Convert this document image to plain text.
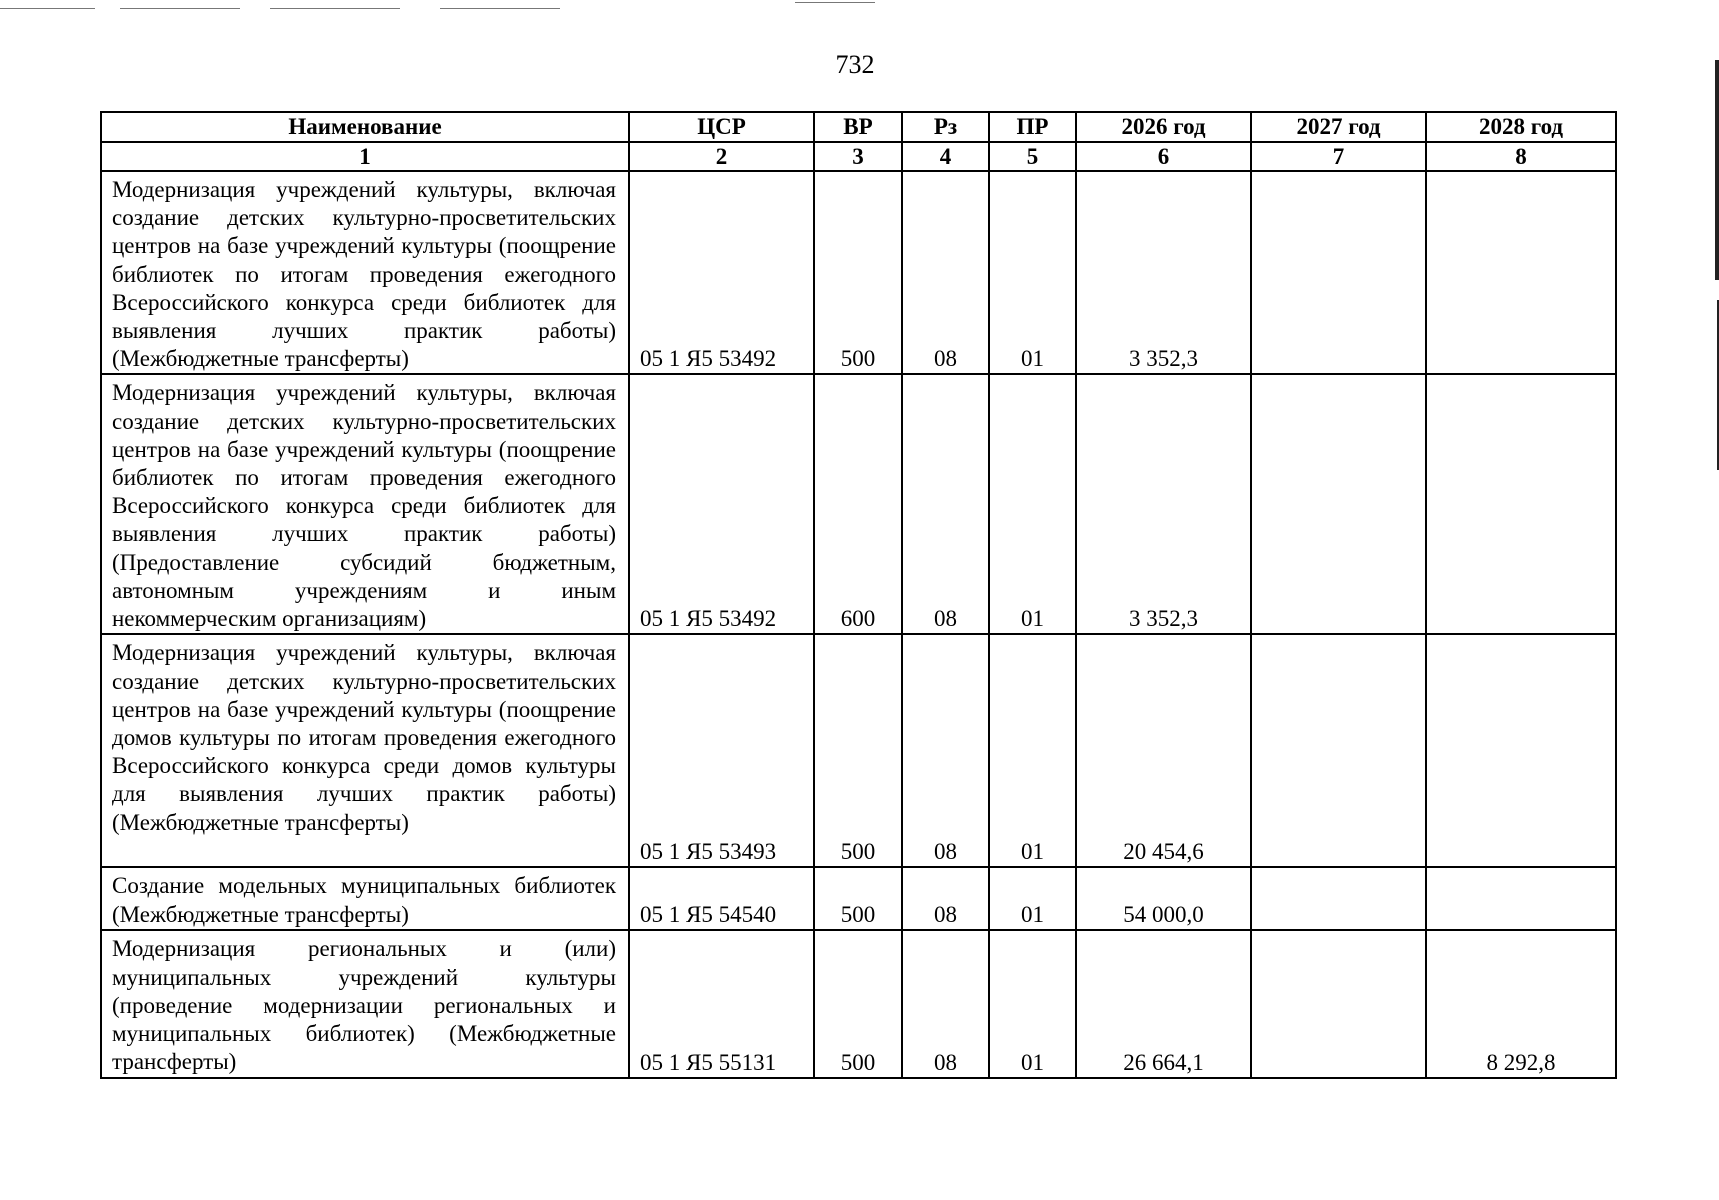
732
Наименование	ЦСР	ВР	Рз	ПР	2026 год	2027 год	2028 год
1	2	3	4	5	6	7	8
Модернизация учреждений культуры, включая создание детских культурно-просветительских центров на базе учреждений культуры (поощрение библиотек по итогам проведения ежегодного Всероссийского конкурса среди библиотек для выявления лучших практик работы) (Межбюджетные трансферты)	05 1 Я5 53492	500	08	01	3 352,3		
Модернизация учреждений культуры, включая создание детских культурно-просветительских центров на базе учреждений культуры (поощрение библиотек по итогам проведения ежегодного Всероссийского конкурса среди библиотек для выявления лучших практик работы) (Предоставление субсидий бюджетным, автономным учреждениям и иным некоммерческим организациям)	05 1 Я5 53492	600	08	01	3 352,3		
Модернизация учреждений культуры, включая создание детских культурно-просветительских центров на базе учреждений культуры (поощрение домов культуры по итогам проведения ежегодного Всероссийского конкурса среди домов культуры для выявления лучших практик работы) (Межбюджетные трансферты)	05 1 Я5 53493	500	08	01	20 454,6		
Создание модельных муниципальных библиотек (Межбюджетные трансферты)	05 1 Я5 54540	500	08	01	54 000,0		
Модернизация региональных и (или) муниципальных учреждений культуры (проведение модернизации региональных и муниципальных библиотек) (Межбюджетные трансферты)	05 1 Я5 55131	500	08	01	26 664,1		8 292,8
